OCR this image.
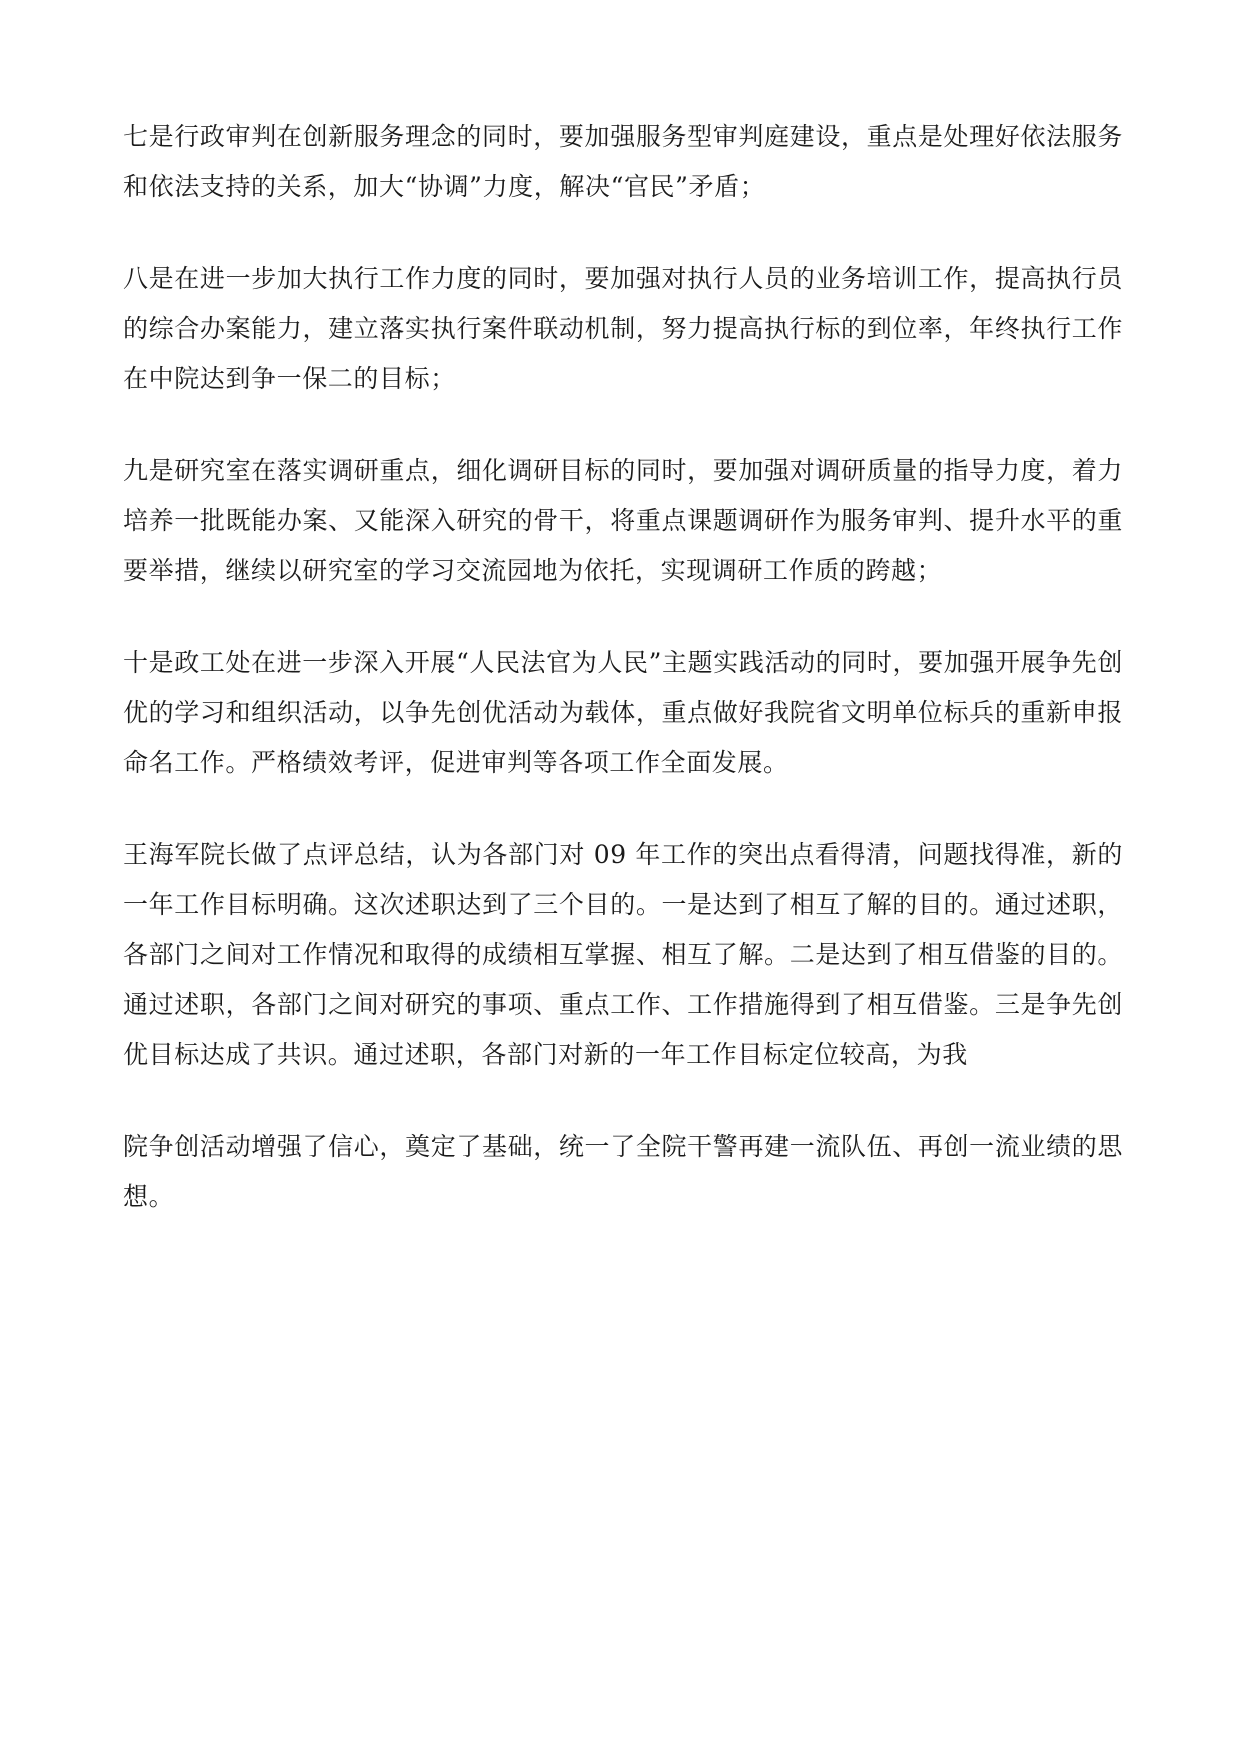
七是行政审判在创新服务理念的同时，要加强服务型审判庭建设，重点是处理好依法服务和依法支持的关系，加大“协调”力度，解决“官民”矛盾；

八是在进一步加大执行工作力度的同时，要加强对执行人员的业务培训工作，提高执行员的综合办案能力，建立落实执行案件联动机制，努力提高执行标的到位率，年终执行工作在中院达到争一保二的目标；

九是研究室在落实调研重点，细化调研目标的同时，要加强对调研质量的指导力度，着力培养一批既能办案、又能深入研究的骨干，将重点课题调研作为服务审判、提升水平的重要举措，继续以研究室的学习交流园地为依托，实现调研工作质的跨越；

十是政工处在进一步深入开展“人民法官为人民”主题实践活动的同时，要加强开展争先创优的学习和组织活动，以争先创优活动为载体，重点做好我院省文明单位标兵的重新申报命名工作。严格绩效考评，促进审判等各项工作全面发展。

王海军院长做了点评总结，认为各部门对 09 年工作的突出点看得清，问题找得准，新的一年工作目标明确。这次述职达到了三个目的。一是达到了相互了解的目的。通过述职，各部门之间对工作情况和取得的成绩相互掌握、相互了解。二是达到了相互借鉴的目的。通过述职，各部门之间对研究的事项、重点工作、工作措施得到了相互借鉴。三是争先创优目标达成了共识。通过述职，各部门对新的一年工作目标定位较高，为我

院争创活动增强了信心，奠定了基础，统一了全院干警再建一流队伍、再创一流业绩的思想。
